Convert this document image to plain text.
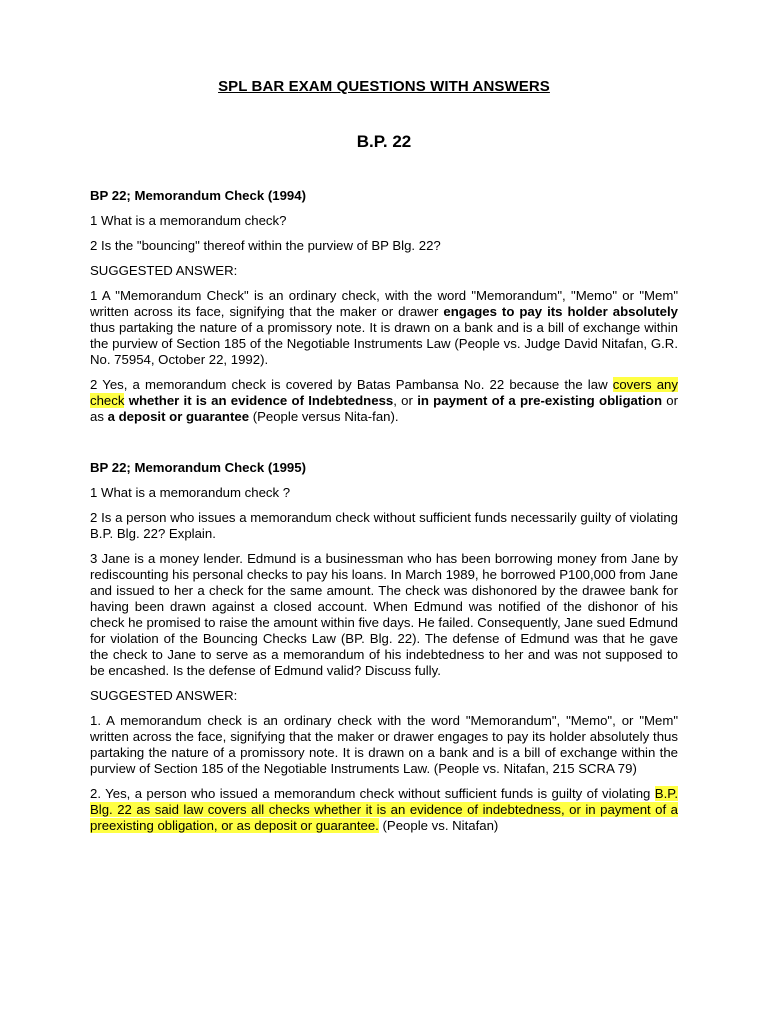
SPL BAR EXAM QUESTIONS WITH ANSWERS
B.P. 22
BP 22; Memorandum Check (1994)

1 What is a memorandum check?

2 Is the "bouncing" thereof within the purview of BP Blg. 22?

SUGGESTED ANSWER:

1 A "Memorandum Check" is an ordinary check, with the word "Memorandum", "Memo" or "Mem" written across its face, signifying that the maker or drawer engages to pay its holder absolutely thus partaking the nature of a promissory note. It is drawn on a bank and is a bill of exchange within the purview of Section 185 of the Negotiable Instruments Law (People vs. Judge David Nitafan, G.R. No. 75954, October 22, 1992).

2 Yes, a memorandum check is covered by Batas Pambansa No. 22 because the law covers any check whether it is an evidence of Indebtedness, or in payment of a pre-existing obligation or as a deposit or guarantee (People versus Nita-fan).

BP 22; Memorandum Check (1995)

1 What is a memorandum check ?

2 Is a person who issues a memorandum check without sufficient funds necessarily guilty of violating B.P. Blg. 22? Explain.

3 Jane is a money lender. Edmund is a businessman who has been borrowing money from Jane by rediscounting his personal checks to pay his loans. In March 1989, he borrowed P100,000 from Jane and issued to her a check for the same amount. The check was dishonored by the drawee bank for having been drawn against a closed account. When Edmund was notified of the dishonor of his check he promised to raise the amount within five days. He failed. Consequently, Jane sued Edmund for violation of the Bouncing Checks Law (BP. Blg. 22). The defense of Edmund was that he gave the check to Jane to serve as a memorandum of his indebtedness to her and was not supposed to be encashed. Is the defense of Edmund valid? Discuss fully.

SUGGESTED ANSWER:

1. A memorandum check is an ordinary check with the word "Memorandum", "Memo", or "Mem" written across the face, signifying that the maker or drawer engages to pay its holder absolutely thus partaking the nature of a promissory note. It is drawn on a bank and is a bill of exchange within the purview of Section 185 of the Negotiable Instruments Law. (People vs. Nitafan, 215 SCRA 79)

2. Yes, a person who issued a memorandum check without sufficient funds is guilty of violating B.P. Blg. 22 as said law covers all checks whether it is an evidence of indebtedness, or in payment of a preexisting obligation, or as deposit or guarantee. (People vs. Nitafan)
